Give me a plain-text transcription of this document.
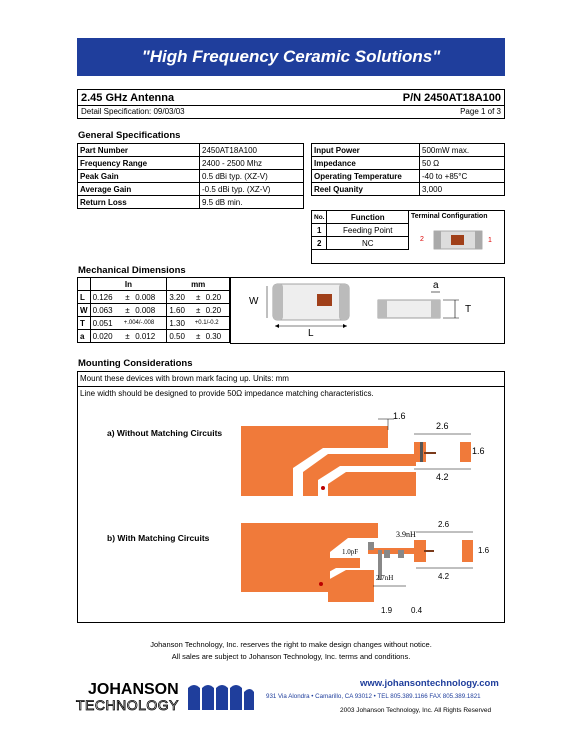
"High Frequency Ceramic Solutions"
2.45 GHz Antenna	P/N 2450AT18A100
Detail Specification: 09/03/03	Page 1 of 3
General Specifications
Part Number	2450AT18A100
Frequency Range	2400 - 2500 Mhz
Peak Gain	0.5 dBi typ. (XZ-V)
Average Gain	-0.5 dBi typ. (XZ-V)
Return Loss	9.5 dB min.
Input Power	500mW max.
Impedance	50 Ω
Operating Temperature	-40 to +85°C
Reel Quanity	3,000
No.	Function
1	Feeding Point
2	NC
Terminal Configuration
2	1
Mechanical Dimensions
	In			mm		
L	0.126	±	0.008	3.20	±	0.20
W	0.063	±	0.008	1.60	±	0.20
T	0.051	+.004/-.008		1.30	+0.1/-0.2	
a	0.020	±	0.012	0.50	±	0.30
W
L
a
T
Mounting Considerations
Mount these devices with brown mark facing up. Units: mm
Line width should be designed to provide 50Ω impedance matching characteristics.
a) Without Matching Circuits
b) With Matching Circuits
1.6
2.6
1.6
4.2
3.9nH
1.0pF
2.7nH
2.6
1.6
4.2
1.9 0.4
Johanson Technology, Inc. reserves the right to make design changes without notice.
All sales are subject to Johanson Technology, Inc. terms and conditions.
JOHANSON
TECHNOLOGY
www.johansontechnology.com
931 Via Alondra • Camarillo, CA 93012 • TEL 805.389.1166 FAX 805.389.1821
2003 Johanson Technology, Inc. All Rights Reserved
